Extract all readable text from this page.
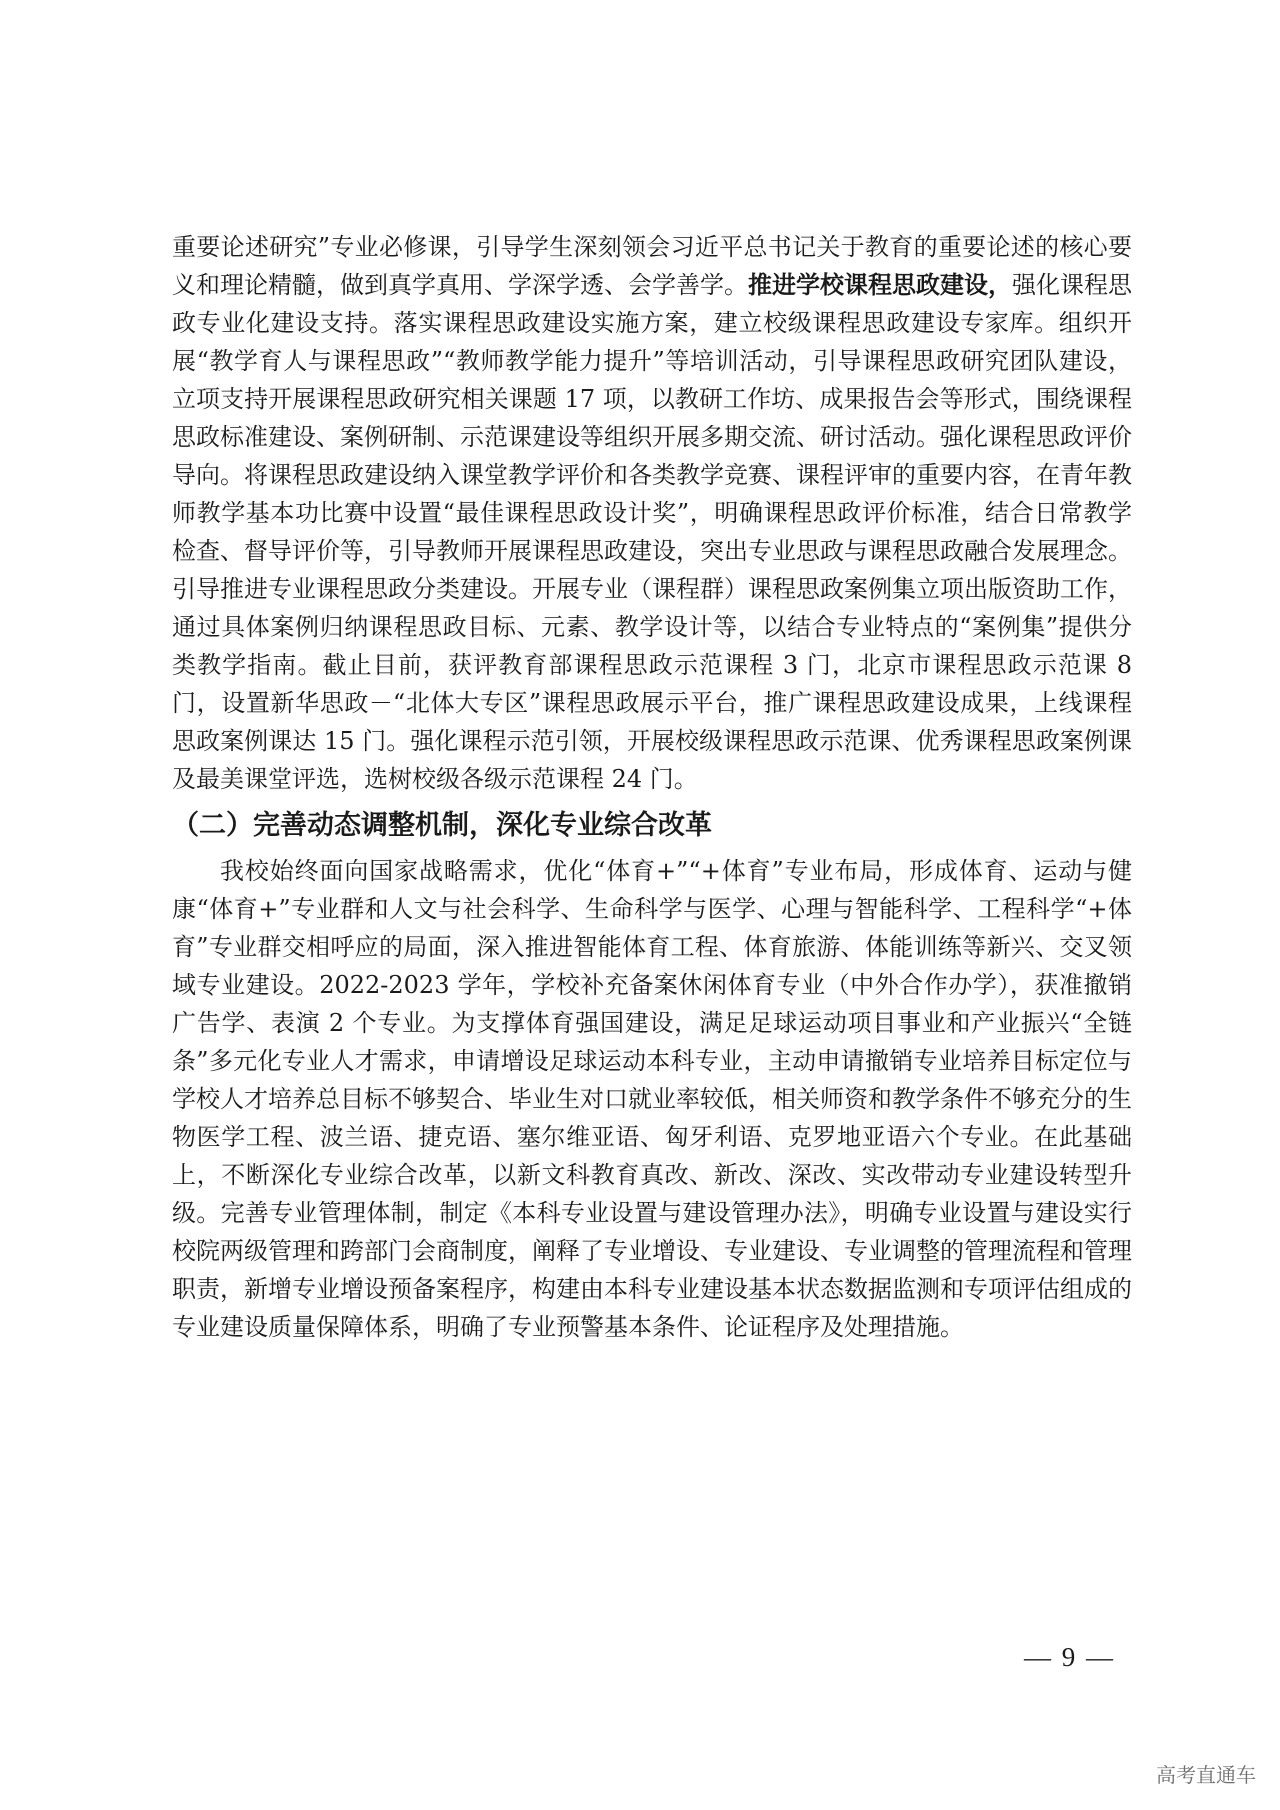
重要论述研究”专业必修课，引导学生深刻领会习近平总书记关于教育的重要论述的核心要义和理论精髓，做到真学真用、学深学透、会学善学。推进学校课程思政建设，强化课程思政专业化建设支持。落实课程思政建设实施方案，建立校级课程思政建设专家库。组织开展“教学育人与课程思政”“教师教学能力提升”等培训活动，引导课程思政研究团队建设，立项支持开展课程思政研究相关课题 17 项，以教研工作坊、成果报告会等形式，围绕课程思政标准建设、案例研制、示范课建设等组织开展多期交流、研讨活动。强化课程思政评价导向。将课程思政建设纳入课堂教学评价和各类教学竞赛、课程评审的重要内容，在青年教师教学基本功比赛中设置“最佳课程思政设计奖”，明确课程思政评价标准，结合日常教学检查、督导评价等，引导教师开展课程思政建设，突出专业思政与课程思政融合发展理念。引导推进专业课程思政分类建设。开展专业（课程群）课程思政案例集立项出版资助工作，通过具体案例归纳课程思政目标、元素、教学设计等，以结合专业特点的“案例集”提供分类教学指南。截止目前，获评教育部课程思政示范课程 3 门，北京市课程思政示范课 8 门，设置新华思政－“北体大专区”课程思政展示平台，推广课程思政建设成果，上线课程思政案例课达 15 门。强化课程示范引领，开展校级课程思政示范课、优秀课程思政案例课及最美课堂评选，选树校级各级示范课程 24 门。

（二）完善动态调整机制，深化专业综合改革

我校始终面向国家战略需求，优化“体育+”“+体育”专业布局，形成体育、运动与健康“体育+”专业群和人文与社会科学、生命科学与医学、心理与智能科学、工程科学“+体育”专业群交相呼应的局面，深入推进智能体育工程、体育旅游、体能训练等新兴、交叉领域专业建设。2022-2023 学年，学校补充备案休闲体育专业（中外合作办学），获准撤销广告学、表演 2 个专业。为支撑体育强国建设，满足足球运动项目事业和产业振兴“全链条”多元化专业人才需求，申请增设足球运动本科专业，主动申请撤销专业培养目标定位与学校人才培养总目标不够契合、毕业生对口就业率较低，相关师资和教学条件不够充分的生物医学工程、波兰语、捷克语、塞尔维亚语、匈牙利语、克罗地亚语六个专业。在此基础上，不断深化专业综合改革，以新文科教育真改、新改、深改、实改带动专业建设转型升级。完善专业管理体制，制定《本科专业设置与建设管理办法》，明确专业设置与建设实行校院两级管理和跨部门会商制度，阐释了专业增设、专业建设、专业调整的管理流程和管理职责，新增专业增设预备案程序，构建由本科专业建设基本状态数据监测和专项评估组成的专业建设质量保障体系，明确了专业预警基本条件、论证程序及处理措施。

— 9 —
高考直通车
